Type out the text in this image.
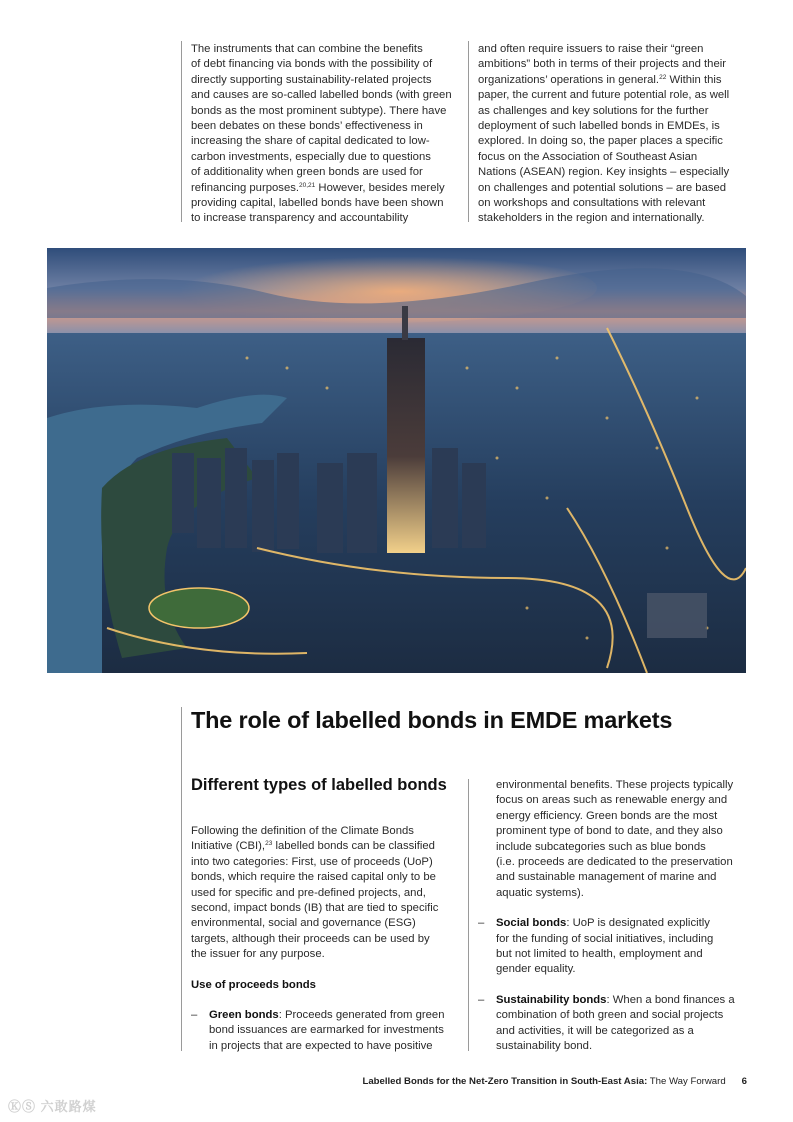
The instruments that can combine the benefits

of debt financing via bonds with the possibility of

directly supporting sustainability-related projects

and causes are so-called labelled bonds (with green

bonds as the most prominent subtype). There have

been debates on these bonds’ effectiveness in

increasing the share of capital dedicated to low-

carbon investments, especially due to questions

of additionality when green bonds are used for

refinancing purposes.$^{20,21}$ However, besides merely

providing capital, labelled bonds have been shown

to increase transparency and accountability

and often require issuers to raise their “green

ambitions” both in terms of their projects and their

organizations’ operations in general.$^{22}$ Within this

paper, the current and future potential role, as well

as challenges and key solutions for the further

deployment of such labelled bonds in EMDEs, is

explored. In doing so, the paper places a specific

focus on the Association of Southeast Asian

Nations (ASEAN) region. Key insights – especially

on challenges and potential solutions – are based

on workshops and consultations with relevant

stakeholders in the region and internationally.

The role of labelled bonds in EMDE markets
Different types of labelled bonds

Following the definition of the Climate Bonds

Initiative (CBI),$^{23}$ labelled bonds can be classified

into two categories: First, use of proceeds (UoP)

bonds, which require the raised capital only to be

used for specific and pre-defined projects, and,

second, impact bonds (IB) that are tied to specific

environmental, social and governance (ESG)

targets, although their proceeds can be used by

the issuer for any purpose.

Use of proceeds bonds

– Green bonds: Proceeds generated from green

bond issuances are earmarked for investments

in projects that are expected to have positive

environmental benefits. These projects typically

focus on areas such as renewable energy and

energy efficiency. Green bonds are the most

prominent type of bond to date, and they also

include subcategories such as blue bonds

(i.e. proceeds are dedicated to the preservation

and sustainable management of marine and

aquatic systems).

– Social bonds: UoP is designated explicitly

for the funding of social initiatives, including

but not limited to health, employment and

gender equality.

– Sustainability bonds: When a bond finances a

combination of both green and social projects

and activities, it will be categorized as a

sustainability bond.

Labelled Bonds for the Net-Zero Transition in South-East Asia: The Way Forward 6
ⓀⓈ 六敢路煤
